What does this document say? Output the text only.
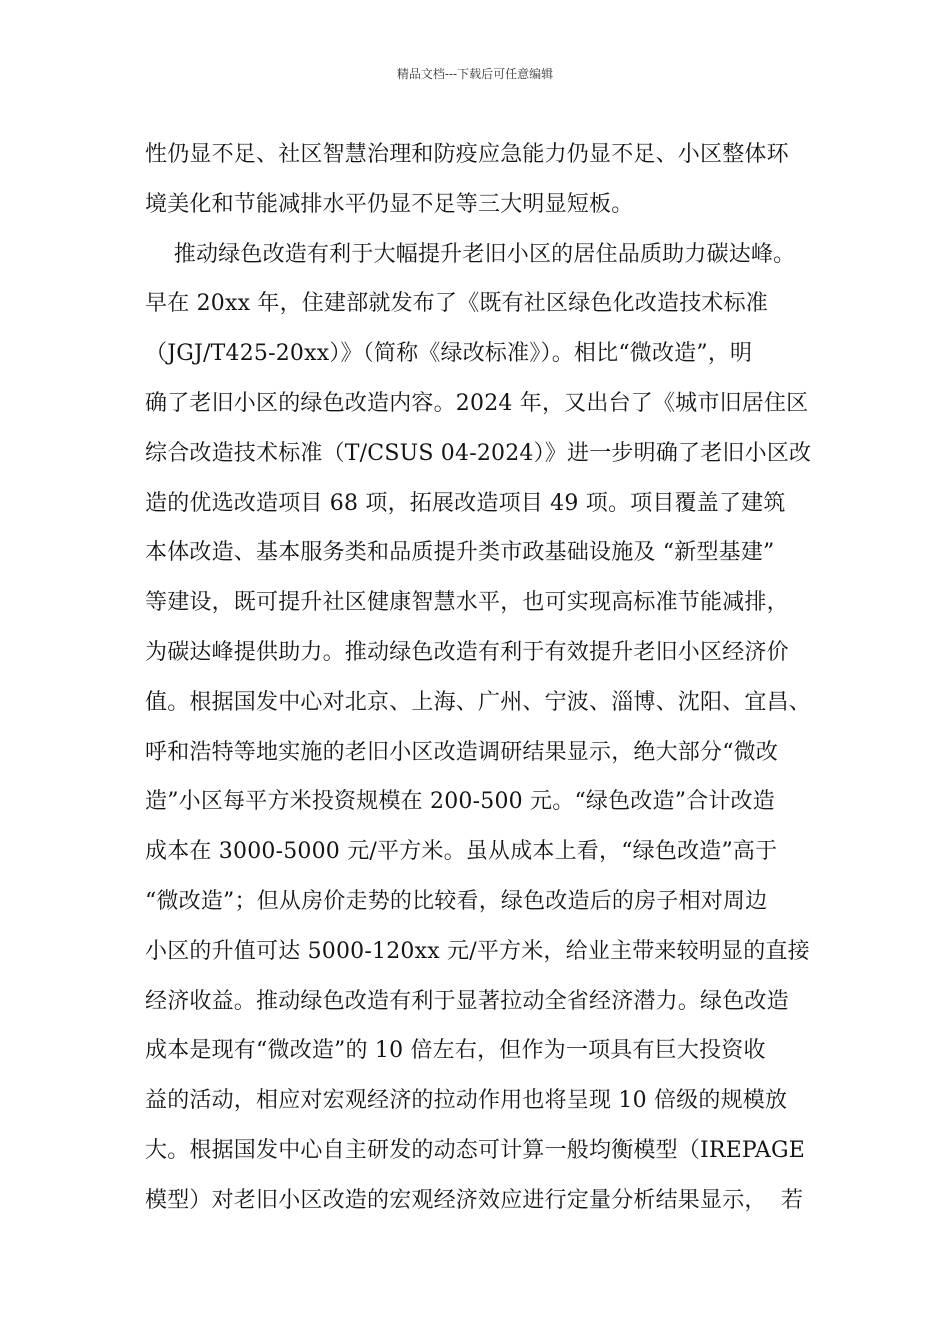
精品文档---下载后可任意编辑
性仍显不足、社区智慧治理和防疫应急能力仍显不足、小区整体环
境美化和节能减排水平仍显不足等三大明显短板。
推动绿色改造有利于大幅提升老旧小区的居住品质助力碳达峰。
早在 20xx 年，住建部就发布了《既有社区绿色化改造技术标准
（JGJ/T425-20xx）》（简称《绿改标准》）。相比“微改造”，明
确了老旧小区的绿色改造内容。2024 年，又出台了《城市旧居住区
综合改造技术标准（T/CSUS 04-2024）》进一步明确了老旧小区改
造的优选改造项目 68 项，拓展改造项目 49 项。项目覆盖了建筑
本体改造、基本服务类和品质提升类市政基础设施及 “新型基建”
等建设，既可提升社区健康智慧水平，也可实现高标准节能减排，
为碳达峰提供助力。推动绿色改造有利于有效提升老旧小区经济价
值。根据国发中心对北京、上海、广州、宁波、淄博、沈阳、宜昌、
呼和浩特等地实施的老旧小区改造调研结果显示，绝大部分“微改
造”小区每平方米投资规模在 200-500 元。“绿色改造”合计改造
成本在 3000-5000 元/平方米。虽从成本上看，“绿色改造”高于
“微改造”；但从房价走势的比较看，绿色改造后的房子相对周边
小区的升值可达 5000-120xx 元/平方米，给业主带来较明显的直接
经济收益。推动绿色改造有利于显著拉动全省经济潜力。绿色改造
成本是现有“微改造”的 10 倍左右，但作为一项具有巨大投资收
益的活动，相应对宏观经济的拉动作用也将呈现 10 倍级的规模放
大。根据国发中心自主研发的动态可计算一般均衡模型（IREPAGE
模型）对老旧小区改造的宏观经济效应进行定量分析结果显示，  若
